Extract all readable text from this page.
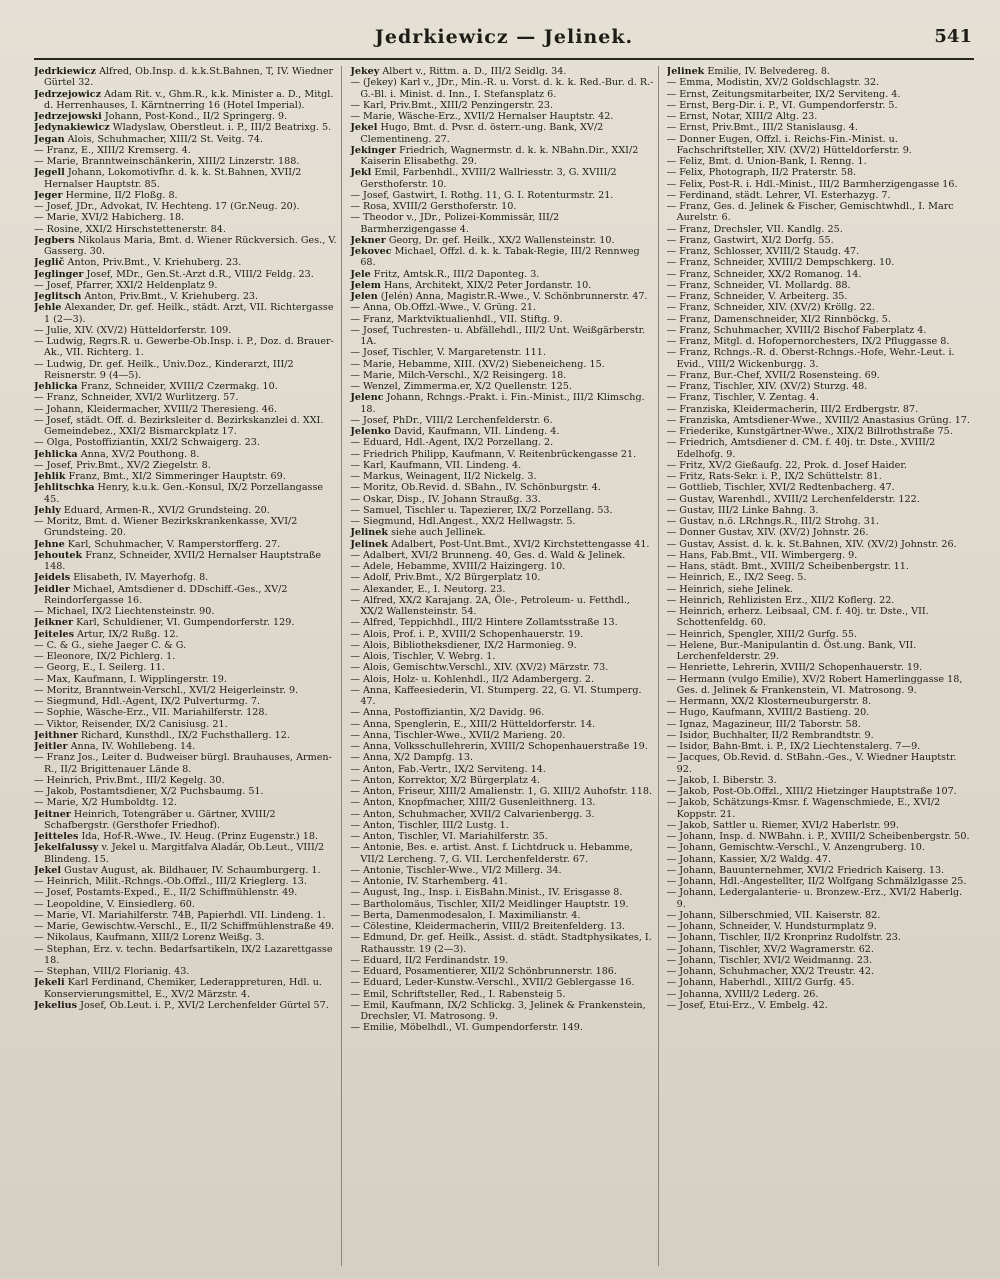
Jedrkiewicz — Jelinek.	541

Jedrkiewicz Alfred, Ob.Insp. d. k.k.St.Bahnen, T, IV. Wiedner Gürtel 32.

Jedrzejowicz Adam Rit. v., Ghm.R., k.k. Minister a. D., Mitgl. d. Herrenhauses, I. Kärntnerring 16 (Hotel Imperial).

Jedrzejowski Johann, Post-Kond., II/2 Springerg. 9.

Jedynakiewicz Wladyslaw, Oberstleut. i. P., III/2 Beatrixg. 5.

Jegan Alois, Schuhmacher, XIII/2 St. Veitg. 74.

— Franz, E., XIII/2 Kremserg. 4.

— Marie, Branntweinschänkerin, XIII/2 Linzerstr. 188.

Jegell Johann, Lokomotivfhr. d. k. k. St.Bahnen, XVII/2 Hernalser Hauptstr. 85.

Jeger Hermine, II/2 Floßg. 8.

— Josef, JDr., Advokat, IV. Hechteng. 17 (Gr.Neug. 20).

— Marie, XVI/2 Habicherg. 18.

— Rosine, XXI/2 Hirschstettenerstr. 84.

Jegbers Nikolaus Maria, Bmt. d. Wiener Rückversich. Ges., V. Gasserg. 30.

Jeglič Anton, Priv.Bmt., V. Kriehuberg. 23.

Jeglinger Josef, MDr., Gen.St.-Arzt d.R., VIII/2 Feldg. 23.

— Josef, Pfarrer, XXI/2 Heldenplatz 9.

Jeglitsch Anton, Priv.Bmt., V. Kriehuberg. 23.

Jehle Alexander, Dr. gef. Heilk., städt. Arzt, VII. Richtergasse 1 (2—3).

— Julie, XIV. (XV/2) Hütteldorferstr. 109.

— Ludwig, Regrs.R. u. Gewerbe-Ob.Insp. i. P., Doz. d. Brauer-Ak., VII. Richterg. 1.

— Ludwig, Dr. gef. Heilk., Univ.Doz., Kinderarzt, III/2 Reisnerstr. 9 (4—5).

Jehlicka Franz, Schneider, XVIII/2 Czermakg. 10.

— Franz, Schneider, XVI/2 Wurlitzerg. 57.

— Johann, Kleidermacher, XVIII/2 Theresieng. 46.

— Josef, städt. Off. d. Bezirksleiter d. Bezirkskanzlei d. XXI. Gemeindebez., XXI/2 Bismarckplatz 17.

— Olga, Postoffiziantin, XXI/2 Schwaigerg. 23.

Jehlicka Anna, XV/2 Pouthong. 8.

— Josef, Priv.Bmt., XV/2 Ziegelstr. 8.

Jehlik Franz, Bmt., XI/2 Simmeringer Hauptstr. 69.

Jehlitschka Henry, k.u.k. Gen.-Konsul, IX/2 Porzellangasse 45.

Jehly Eduard, Armen-R., XVI/2 Grundsteing. 20.

— Moritz, Bmt. d. Wiener Bezirkskrankenkasse, XVI/2 Grundsteing. 20.

Jehne Karl, Schuhmacher, V. Ramperstorfferg. 27.

Jehoutek Franz, Schneider, XVII/2 Hernalser Hauptstraße 148.

Jeidels Elisabeth, IV. Mayerhofg. 8.

Jeidler Michael, Amtsdiener d. DDschiff.-Ges., XV/2 Reindorfergasse 16.

— Michael, IX/2 Liechtensteinstr. 90.

Jeikner Karl, Schuldiener, VI. Gumpendorferstr. 129.

Jeiteles Artur, IX/2 Rußg. 12.

— C. & G., siehe Jaeger C. & G.

— Eleonore, IX/2 Pichlerg. 1.

— Georg, E., I. Seilerg. 11.

— Max, Kaufmann, I. Wipplingerstr. 19.

— Moritz, Branntwein-Verschl., XVI/2 Heigerleinstr. 9.

— Siegmund, Hdl.-Agent, IX/2 Pulverturmg. 7.

— Sophie, Wäsche-Erz., VII. Mariahilferstr. 128.

— Viktor, Reisender, IX/2 Canisiusg. 21.

Jeithner Richard, Kunsthdl., IX/2 Fuchsthallerg. 12.

Jeitler Anna, IV. Wohllebeng. 14.

— Franz Jos., Leiter d. Budweiser bürgl. Brauhauses, Armen-R., II/2 Brigittenauer Lände 8.

— Heinrich, Priv.Bmt., III/2 Kegelg. 30.

— Jakob, Postamtsdiener, X/2 Puchsbaumg. 51.

— Marie, X/2 Humboldtg. 12.

Jeitner Heinrich, Totengräber u. Gärtner, XVIII/2 Schafbergstr. (Gersthofer Friedhof).

Jeitteles Ida, Hof-R.-Wwe., IV. Heug. (Prinz Eugenstr.) 18.

Jekelfalussy v. Jekel u. Margitfalva Aladár, Ob.Leut., VIII/2 Blindeng. 15.

Jekel Gustav August, ak. Bildhauer, IV. Schaumburgerg. 1.

— Heinrich, Milit.-Rchngs.-Ob.Offzl., III/2 Krieglerg. 13.

— Josef, Postamts-Exped., E., II/2 Schiffmühlenstr. 49.

— Leopoldine, V. Einsiedlerg. 60.

— Marie, VI. Mariahilferstr. 74B, Papierhdl. VII. Lindeng. 1.

— Marie, Gewischtw.-Verschl., E., II/2 Schiffmühlenstraße 49.

— Nikolaus, Kaufmann, XIII/2 Lorenz Weißg. 3.

— Stephan, Erz. v. techn. Bedarfsartikeln, IX/2 Lazarettgasse 18.

— Stephan, VIII/2 Florianig. 43.

Jekeli Karl Ferdinand, Chemiker, Lederappreturen, Hdl. u. Konservierungsmittel, E., XV/2 Märzstr. 4.

Jekelius Josef, Ob.Leut. i. P., XVI/2 Lerchenfelder Gürtel 57.

Jekey Albert v., Rittm. a. D., III/2 Seidlg. 34.

— (Jekey) Karl v., JDr., Min.-R. u. Vorst. d. k. k. Red.-Bur. d. R.-G.-Bl. i. Minist. d. Inn., I. Stefansplatz 6.

— Karl, Priv.Bmt., XIII/2 Penzingerstr. 23.

— Marie, Wäsche-Erz., XVII/2 Hernalser Hauptstr. 42.

Jekel Hugo, Bmt. d. Pvsr. d. österr.-ung. Bank, XV/2 Clementineng. 27.

Jekinger Friedrich, Wagnermstr. d. k. k. NBahn.Dir., XXI/2 Kaiserin Elisabethg. 29.

Jekl Emil, Farbenhdl., XVIII/2 Wallriesstr. 3, G. XVIII/2 Gersthoferstr. 10.

— Josef, Gastwirt, I. Rothg. 11, G. I. Rotenturmstr. 21.

— Rosa, XVIII/2 Gersthoferstr. 10.

— Theodor v., JDr., Polizei-Kommissär, III/2 Barmherzigengasse 4.

Jekner Georg, Dr. gef. Heilk., XX/2 Wallensteinstr. 10.

Jekovec Michael, Offzl. d. k. k. Tabak-Regie, III/2 Rennweg 68.

Jele Fritz, Amtsk.R., III/2 Daponteg. 3.

Jelem Hans, Architekt, XIX/2 Peter Jordanstr. 10.

Jelen (Jelén) Anna, Magistr.R.-Wwe., V. Schönbrunnerstr. 47.

— Anna, Ob.Offzl.-Wwe., V. Grüng. 21.

— Franz, Marktviktualienhdl., VII. Stiftg. 9.

— Josef, Tuchresten- u. Abfällehdl., III/2 Unt. Weißgärberstr. 1A.

— Josef, Tischler, V. Margaretenstr. 111.

— Marie, Hebamme, XIII. (XV/2) Siebeneicheng. 15.

— Marie, Milch-Verschl., X/2 Reisingerg. 18.

— Wenzel, Zimmerma.er, X/2 Quellenstr. 125.

Jelenc Johann, Rchngs.-Prakt. i. Fin.-Minist., III/2 Klimschg. 18.

— Josef, PhDr., VIII/2 Lerchenfelderstr. 6.

Jelenko David, Kaufmann, VII. Lindeng. 4.

— Eduard, Hdl.-Agent, IX/2 Porzellang. 2.

— Friedrich Philipp, Kaufmann, V. Reitenbrückengasse 21.

— Karl, Kaufmann, VII. Lindeng. 4.

— Markus, Weinagent, II/2 Nickelg. 3.

— Moritz, Ob.Revid. d. SBahn., IV. Schönburgstr. 4.

— Oskar, Disp., IV. Johann Straußg. 33.

— Samuel, Tischler u. Tapezierer, IX/2 Porzellang. 53.

— Siegmund, Hdl.Angest., XX/2 Hellwagstr. 5.

Jelinek siehe auch Jellinek.

Jelinek Adalbert, Post-Unt.Bmt., XVI/2 Kirchstettengasse 41.

— Adalbert, XVI/2 Brunneng. 40, Ges. d. Wald & Jelinek.

— Adele, Hebamme, XVIII/2 Haizingerg. 10.

— Adolf, Priv.Bmt., X/2 Bürgerplatz 10.

— Alexander, E., I. Neutorg. 23.

— Alfred, XX/2 Karajang. 2A, Öle-, Petroleum- u. Fetthdl., XX/2 Wallensteinstr. 54.

— Alfred, Teppichhdl., III/2 Hintere Zollamtsstraße 13.

— Alois, Prof. i. P., XVIII/2 Schopenhauerstr. 19.

— Alois, Bibliotheksdiener, IX/2 Harmonieg. 9.

— Alois, Tischler, V. Webrg. 1.

— Alois, Gemischtw.Verschl., XIV. (XV/2) Märzstr. 73.

— Alois, Holz- u. Kohlenhdl., II/2 Adambergerg. 2.

— Anna, Kaffeesiederin, VI. Stumperg. 22, G. VI. Stumperg. 47.

— Anna, Postoffiziantin, X/2 Davidg. 96.

— Anna, Spenglerin, E., XIII/2 Hütteldorferstr. 14.

— Anna, Tischler-Wwe., XVII/2 Marieng. 20.

— Anna, Volksschullehrerin, XVIII/2 Schopenhauerstraße 19.

— Anna, X/2 Dampfg. 13.

— Anton, Fab.-Vertr., IX/2 Serviteng. 14.

— Anton, Korrektor, X/2 Bürgerplatz 4.

— Anton, Friseur, XIII/2 Amalienstr. 1, G. XIII/2 Auhofstr. 118.

— Anton, Knopfmacher, XIII/2 Gusenleithnerg. 13.

— Anton, Schuhmacher, XVII/2 Calvarienbergg. 3.

— Anton, Tischler, III/2 Lustg. 1.

— Anton, Tischler, VI. Mariahilferstr. 35.

— Antonie, Bes. e. artist. Anst. f. Lichtdruck u. Hebamme, VII/2 Lercheng. 7, G. VII. Lerchenfelderstr. 67.

— Antonie, Tischler-Wwe., VI/2 Millerg. 34.

— Antonie, IV. Starhemberg. 41.

— August, Ing., Insp. i. EisBahn.Minist., IV. Erisgasse 8.

— Bartholomäus, Tischler, XII/2 Meidlinger Hauptstr. 19.

— Berta, Damenmodesalon, I. Maximilianstr. 4.

— Cölestine, Kleidermacherin, VIII/2 Breitenfelderg. 13.

— Edmund, Dr. gef. Heilk., Assist. d. städt. Stadtphysikates, I. Rathausstr. 19 (2—3).

— Eduard, II/2 Ferdinandstr. 19.

— Eduard, Posamentierer, XII/2 Schönbrunnerstr. 186.

— Eduard, Leder-Kunstw.-Verschl., XVII/2 Geblergasse 16.

— Emil, Schriftsteller, Red., I. Rabensteig 5.

— Emil, Kaufmann, IX/2 Schlickg. 3, Jelinek & Frankenstein, Drechsler, VI. Matrosong. 9.

— Emilie, Möbelhdl., VI. Gumpendorferstr. 149.

Jelinek Emilie, IV. Belvedereg. 8.

— Emma, Modistin, XV/2 Goldschlagstr. 32.

— Ernst, Zeitungsmitarbeiter, IX/2 Serviteng. 4.

— Ernst, Berg-Dir. i. P., VI. Gumpendorferstr. 5.

— Ernst, Notar, XIII/2 Altg. 23.

— Ernst, Priv.Bmt., III/2 Stanislausg. 4.

— Donner Eugen, Offzl. i. Reichs-Fin.-Minist. u. Fachschriftsteller, XIV. (XV/2) Hütteldorferstr. 9.

— Feliz, Bmt. d. Union-Bank, I. Renng. 1.

— Felix, Photograph, II/2 Praterstr. 58.

— Felix, Post-R. i. Hdl.-Minist., III/2 Barmherzigengasse 16.

— Ferdinand, städt. Lehrer, VI. Esterhazyg. 7.

— Franz, Ges. d. Jelinek & Fischer, Gemischtwhdl., I. Marc Aurelstr. 6.

— Franz, Drechsler, VII. Kandlg. 25.

— Franz, Gastwirt, XI/2 Dorfg. 55.

— Franz, Schlosser, XVIII/2 Staudg. 47.

— Franz, Schneider, XVIII/2 Dempschkerg. 10.

— Franz, Schneider, XX/2 Romanog. 14.

— Franz, Schneider, VI. Mollardg. 88.

— Franz, Schneider, V. Arbeiterg. 35.

— Franz, Schneider, XIV. (XV/2) Kröllg. 22.

— Franz, Damenschneider, XI/2 Rinnböckg. 5.

— Franz, Schuhmacher, XVIII/2 Bischof Faberplatz 4.

— Franz, Mitgl. d. Hofopernorchesters, IX/2 Pfluggasse 8.

— Franz, Rchngs.-R. d. Oberst-Rchngs.-Hofe, Wehr.-Leut. i. Evid., VIII/2 Wickenburgg. 3.

— Franz, Bur.-Chef, XVII/2 Rosensteing. 69.

— Franz, Tischler, XIV. (XV/2) Sturzg. 48.

— Franz, Tischler, V. Zentag. 4.

— Franziska, Kleidermacherin, III/2 Erdbergstr. 87.

— Franziska, Amtsdiener-Wwe., XVIII/2 Anastasius Grüng. 17.

— Friederike, Kunstgärtner-Wwe., XIX/2 Billrothstraße 75.

— Friedrich, Amtsdiener d. CM. f. 40j. tr. Dste., XVIII/2 Edelhofg. 9.

— Fritz, XV/2 Gießaufg. 22, Prok. d. Josef Haider.

— Fritz, Rats-Sekr. i. P., IX/2 Schüttelstr. 81.

— Gottlieb, Tischler, XVI/2 Redtenbacherg. 47.

— Gustav, Warenhdl., XVIII/2 Lerchenfelderstr. 122.

— Gustav, III/2 Linke Bahng. 3.

— Gustav, n.ö. LRchngs.R., III/2 Strohg. 31.

— Donner Gustav, XIV. (XV/2) Johnstr. 26.

— Gustav, Assist. d. k. k. St.Bahnen, XIV. (XV/2) Johnstr. 26.

— Hans, Fab.Bmt., VII. Wimbergerg. 9.

— Hans, städt. Bmt., XVIII/2 Scheibenbergstr. 11.

— Heinrich, E., IX/2 Seeg. 5.

— Heinrich, siehe Jelinek.

— Heinrich, Rehlizisten Erz., XII/2 Koflerg. 22.

— Heinrich, erherz. Leibsaal, CM. f. 40j. tr. Dste., VII. Schottenfeldg. 60.

— Heinrich, Spengler, XIII/2 Gurfg. 55.

— Helene, Bur.-Manipulantin d. Öst.ung. Bank, VII. Lerchenfelderstr. 29.

— Henriette, Lehrerin, XVIII/2 Schopenhauerstr. 19.

— Hermann (vulgo Emilie), XV/2 Robert Hamerlinggasse 18, Ges. d. Jelinek & Frankenstein, VI. Matrosong. 9.

— Hermann, XX/2 Klosterneuburgerstr. 8.

— Hugo, Kaufmann, XVIII/2 Bastieng. 20.

— Ignaz, Magazineur, III/2 Taborstr. 58.

— Isidor, Buchhalter, II/2 Rembrandtstr. 9.

— Isidor, Bahn-Bmt. i. P., IX/2 Liechtenstalerg. 7—9.

— Jacques, Ob.Revid. d. StBahn.-Ges., V. Wiedner Hauptstr. 92.

— Jakob, I. Biberstr. 3.

— Jakob, Post-Ob.Offzl., XIII/2 Hietzinger Hauptstraße 107.

— Jakob, Schätzungs-Kmsr. f. Wagenschmiede, E., XVI/2 Koppstr. 21.

— Jakob, Sattler u. Riemer, XVI/2 Haberlstr. 99.

— Johann, Insp. d. NWBahn. i. P., XVIII/2 Scheibenbergstr. 50.

— Johann, Gemischtw.-Verschl., V. Anzengruberg. 10.

— Johann, Kassier, X/2 Waldg. 47.

— Johann, Bauunternehmer, XVI/2 Friedrich Kaiserg. 13.

— Johann, Hdl.-Angestellter, II/2 Wolfgang Schmälzlgasse 25.

— Johann, Ledergalanterie- u. Bronzew.-Erz., XVI/2 Haberlg. 9.

— Johann, Silberschmied, VII. Kaiserstr. 82.

— Johann, Schneider, V. Hundsturmplatz 9.

— Johann, Tischler, II/2 Kronprinz Rudolfstr. 23.

— Johann, Tischler, XV/2 Wagramerstr. 62.

— Johann, Tischler, XVI/2 Weidmanng. 23.

— Johann, Schuhmacher, XX/2 Treustr. 42.

— Johann, Haberhdl., XIII/2 Gurfg. 45.

— Johanna, XVIII/2 Lederg. 26.

— Josef, Etui-Erz., V. Embelg. 42.
